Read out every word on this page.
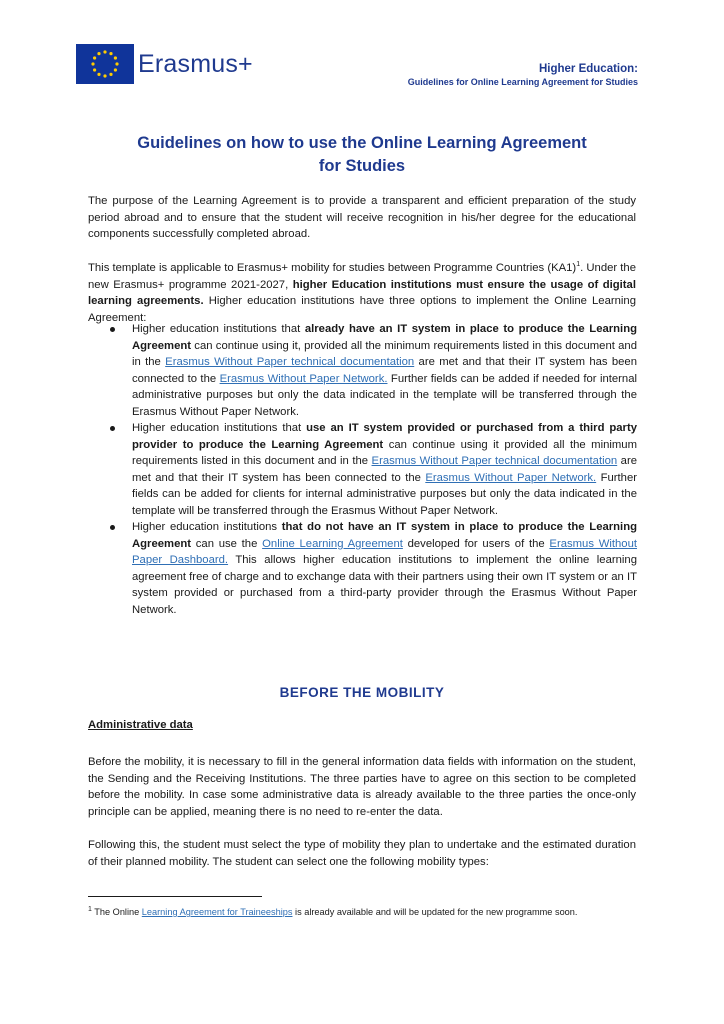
Erasmus+	Higher Education:
Guidelines for Online Learning Agreement for Studies
Guidelines on how to use the Online Learning Agreement
for Studies
The purpose of the Learning Agreement is to provide a transparent and efficient preparation of the study period abroad and to ensure that the student will receive recognition in his/her degree for the educational components successfully completed abroad.
This template is applicable to Erasmus+ mobility for studies between Programme Countries $(KA1)^1$. Under the new Erasmus+ programme 2021-2027, higher Education institutions must ensure the usage of digital learning agreements. Higher education institutions have three options to implement the Online Learning Agreement:
Higher education institutions that already have an IT system in place to produce the Learning Agreement can continue using it, provided all the minimum requirements listed in this document and in the Erasmus Without Paper technical documentation are met and that their IT system has been connected to the Erasmus Without Paper Network. Further fields can be added if needed for internal administrative purposes but only the data indicated in the template will be transferred through the Erasmus Without Paper Network.
Higher education institutions that use an IT system provided or purchased from a third party provider to produce the Learning Agreement can continue using it provided all the minimum requirements listed in this document and in the Erasmus Without Paper technical documentation are met and that their IT system has been connected to the Erasmus Without Paper Network. Further fields can be added for clients for internal administrative purposes but only the data indicated in the template will be transferred through the Erasmus Without Paper Network.
Higher education institutions that do not have an IT system in place to produce the Learning Agreement can use the Online Learning Agreement developed for users of the Erasmus Without Paper Dashboard. This allows higher education institutions to implement the online learning agreement free of charge and to exchange data with their partners using their own IT system or an IT system provided or purchased from a third-party provider through the Erasmus Without Paper Network.
BEFORE THE MOBILITY
Administrative data
Before the mobility, it is necessary to fill in the general information data fields with information on the student, the Sending and the Receiving Institutions. The three parties have to agree on this section to be completed before the mobility. In case some administrative data is already available to the three parties the once-only principle can be applied, meaning there is no need to re-enter the data.
Following this, the student must select the type of mobility they plan to undertake and the estimated duration of their planned mobility. The student can select one the following mobility types:
$^1$ The Online Learning Agreement for Traineeships is already available and will be updated for the new programme soon.
